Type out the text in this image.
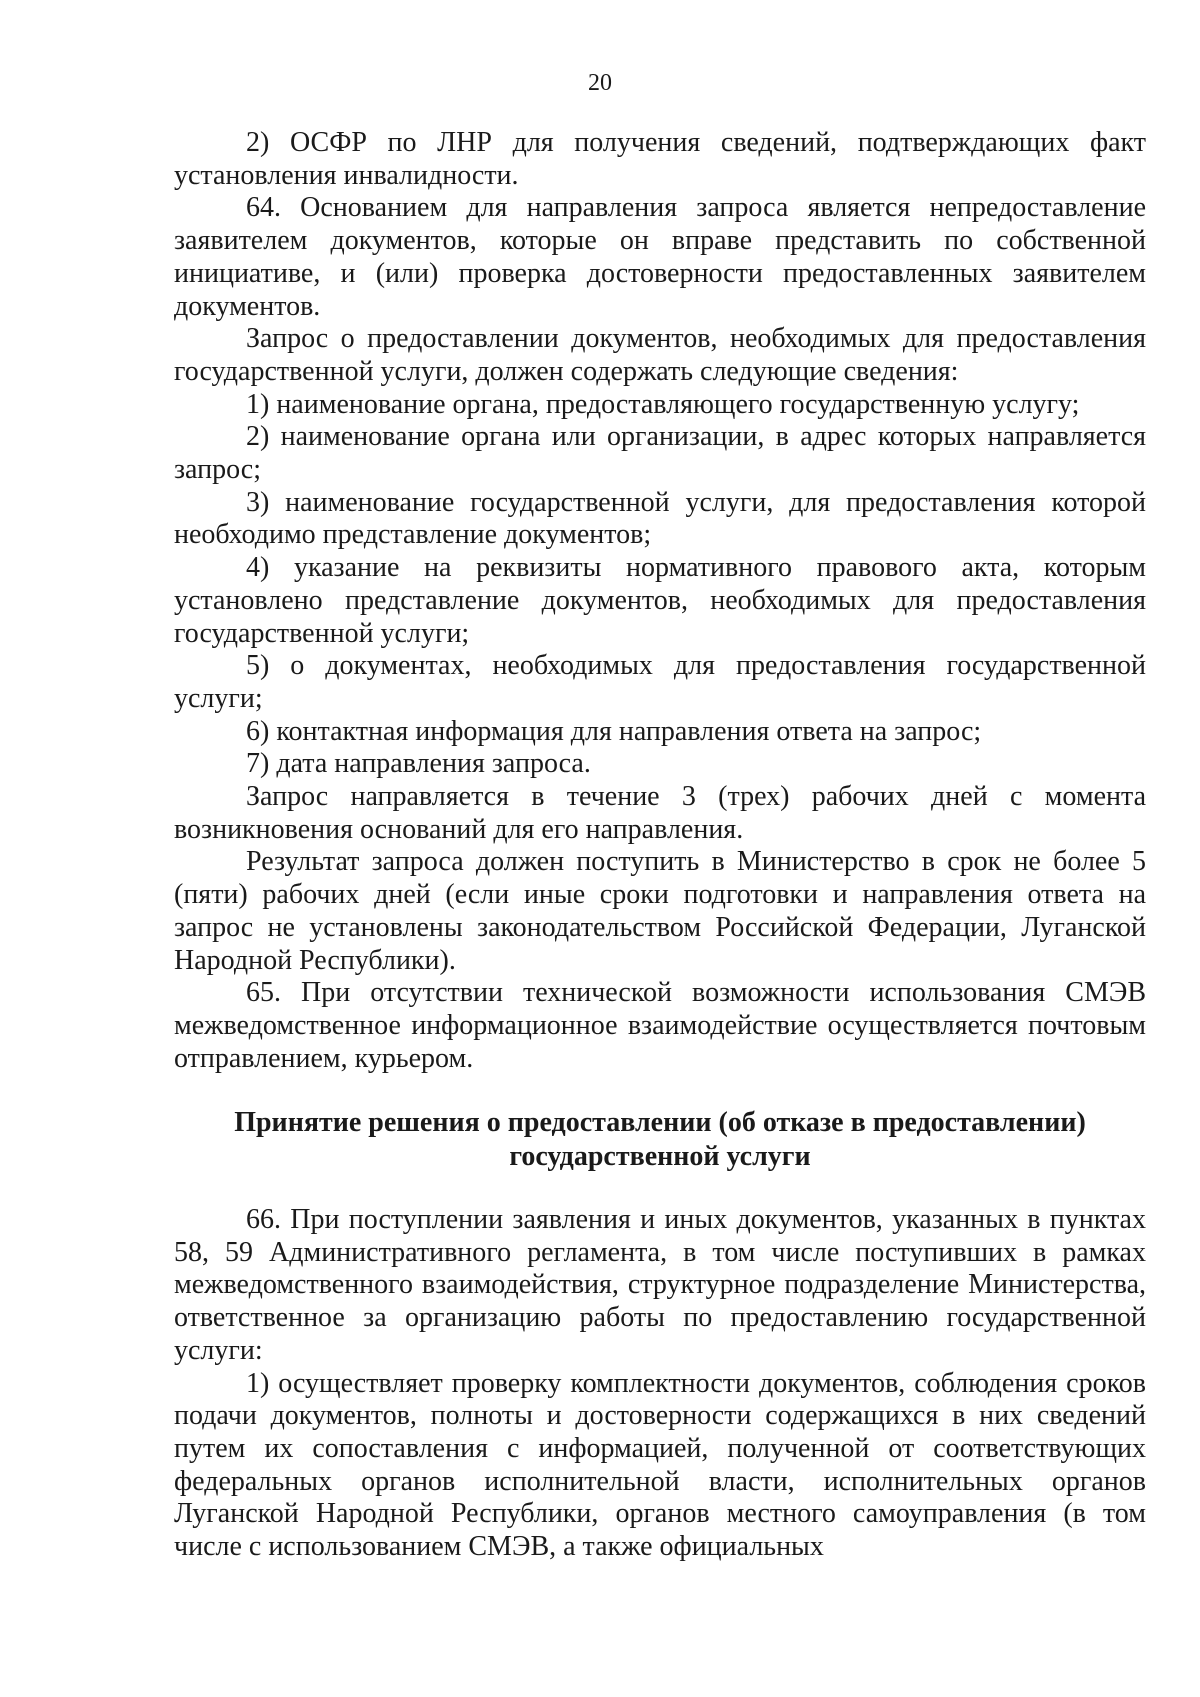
20

2) ОСФР по ЛНР для получения сведений, подтверждающих факт установления инвалидности.

64. Основанием для направления запроса является непредоставление заявителем документов, которые он вправе представить по собственной инициативе, и (или) проверка достоверности предоставленных заявителем документов.

Запрос о предоставлении документов, необходимых для предоставления государственной услуги, должен содержать следующие сведения:

1) наименование органа, предоставляющего государственную услугу;

2) наименование органа или организации, в адрес которых направляется запрос;

3) наименование государственной услуги, для предоставления которой необходимо представление документов;

4) указание на реквизиты нормативного правового акта, которым установлено представление документов, необходимых для предоставления государственной услуги;

5) о документах, необходимых для предоставления государственной услуги;

6) контактная информация для направления ответа на запрос;

7) дата направления запроса.

Запрос направляется в течение 3 (трех) рабочих дней с момента возникновения оснований для его направления.

Результат запроса должен поступить в Министерство в срок не более 5 (пяти) рабочих дней (если иные сроки подготовки и направления ответа на запрос не установлены законодательством Российской Федерации, Луганской Народной Республики).

65. При отсутствии технической возможности использования СМЭВ межведомственное информационное взаимодействие осуществляется почтовым отправлением, курьером.

Принятие решения о предоставлении (об отказе в предоставлении)
государственной услуги

66. При поступлении заявления и иных документов, указанных в пунктах 58, 59 Административного регламента, в том числе поступивших в рамках межведомственного взаимодействия, структурное подразделение Министерства, ответственное за организацию работы по предоставлению государственной услуги:

1) осуществляет проверку комплектности документов, соблюдения сроков подачи документов, полноты и достоверности содержащихся в них сведений путем их сопоставления с информацией, полученной от соответствующих федеральных органов исполнительной власти, исполнительных органов Луганской Народной Республики, органов местного самоуправления (в том числе с использованием СМЭВ, а также официальных
